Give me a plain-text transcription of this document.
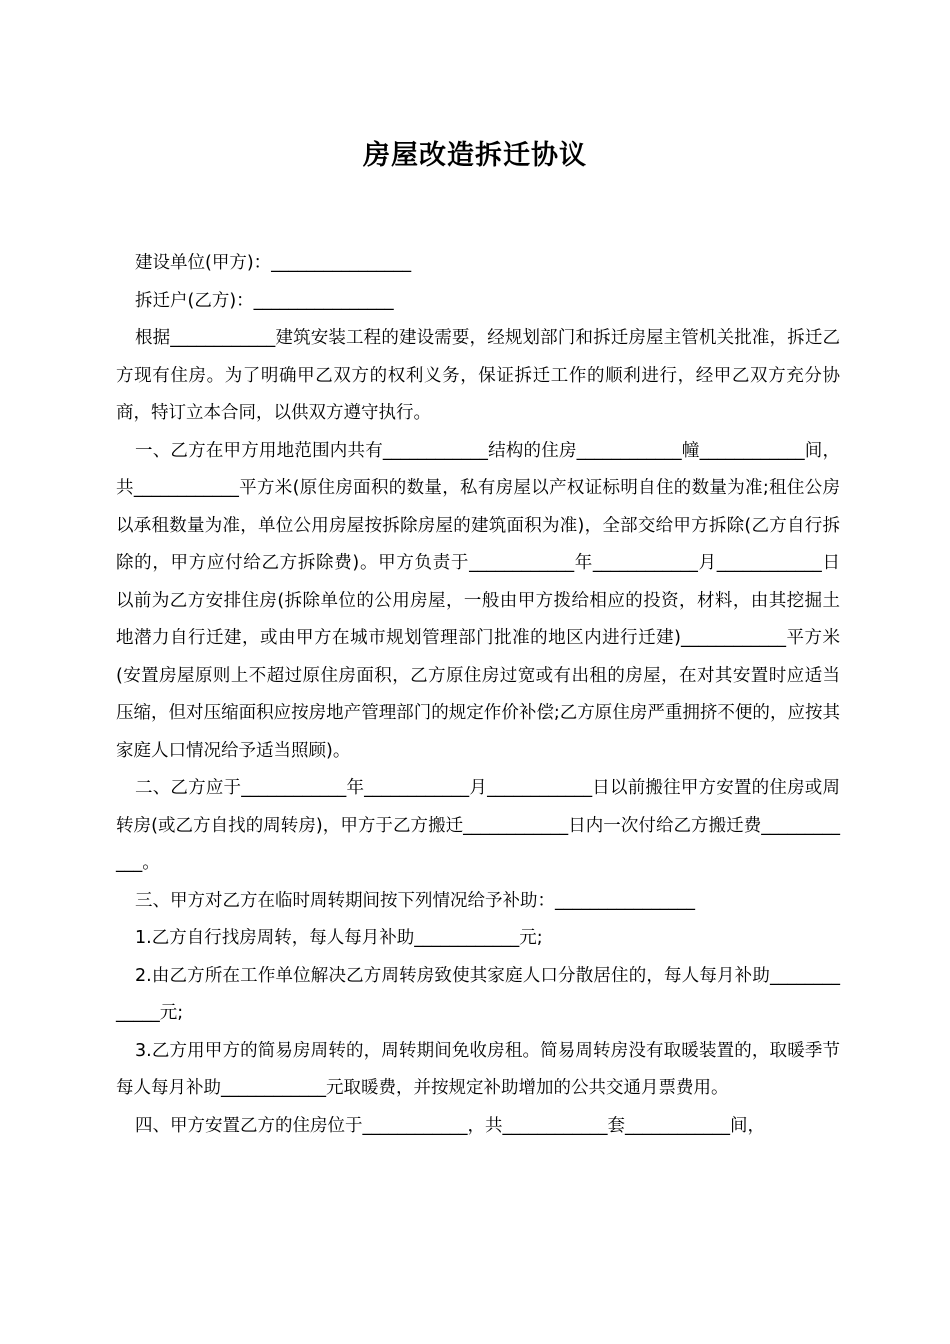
房屋改造拆迁协议

建设单位(甲方)：________________

拆迁户(乙方)：________________

根据____________建筑安装工程的建设需要，经规划部门和拆迁房屋主管机关批准，拆迁乙方现有住房。为了明确甲乙双方的权利义务，保证拆迁工作的顺利进行，经甲乙双方充分协商，特订立本合同，以供双方遵守执行。

一、乙方在甲方用地范围内共有____________结构的住房____________幢____________间，共____________平方米(原住房面积的数量，私有房屋以产权证标明自住的数量为准;租住公房以承租数量为准，单位公用房屋按拆除房屋的建筑面积为准)，全部交给甲方拆除(乙方自行拆除的，甲方应付给乙方拆除费)。甲方负责于____________年____________月____________日以前为乙方安排住房(拆除单位的公用房屋，一般由甲方拨给相应的投资，材料，由其挖掘土地潜力自行迁建，或由甲方在城市规划管理部门批准的地区内进行迁建)____________平方米(安置房屋原则上不超过原住房面积，乙方原住房过宽或有出租的房屋，在对其安置时应适当压缩，但对压缩面积应按房地产管理部门的规定作价补偿;乙方原住房严重拥挤不便的，应按其家庭人口情况给予适当照顾)。

二、乙方应于____________年____________月____________日以前搬往甲方安置的住房或周转房(或乙方自找的周转房)，甲方于乙方搬迁____________日内一次付给乙方搬迁费____________。

三、甲方对乙方在临时周转期间按下列情况给予补助：________________

1.乙方自行找房周转，每人每月补助____________元;

2.由乙方所在工作单位解决乙方周转房致使其家庭人口分散居住的，每人每月补助_____________元;

3.乙方用甲方的简易房周转的，周转期间免收房租。简易周转房没有取暖装置的，取暖季节每人每月补助____________元取暖费，并按规定补助增加的公共交通月票费用。

四、甲方安置乙方的住房位于____________，共____________套____________间，
